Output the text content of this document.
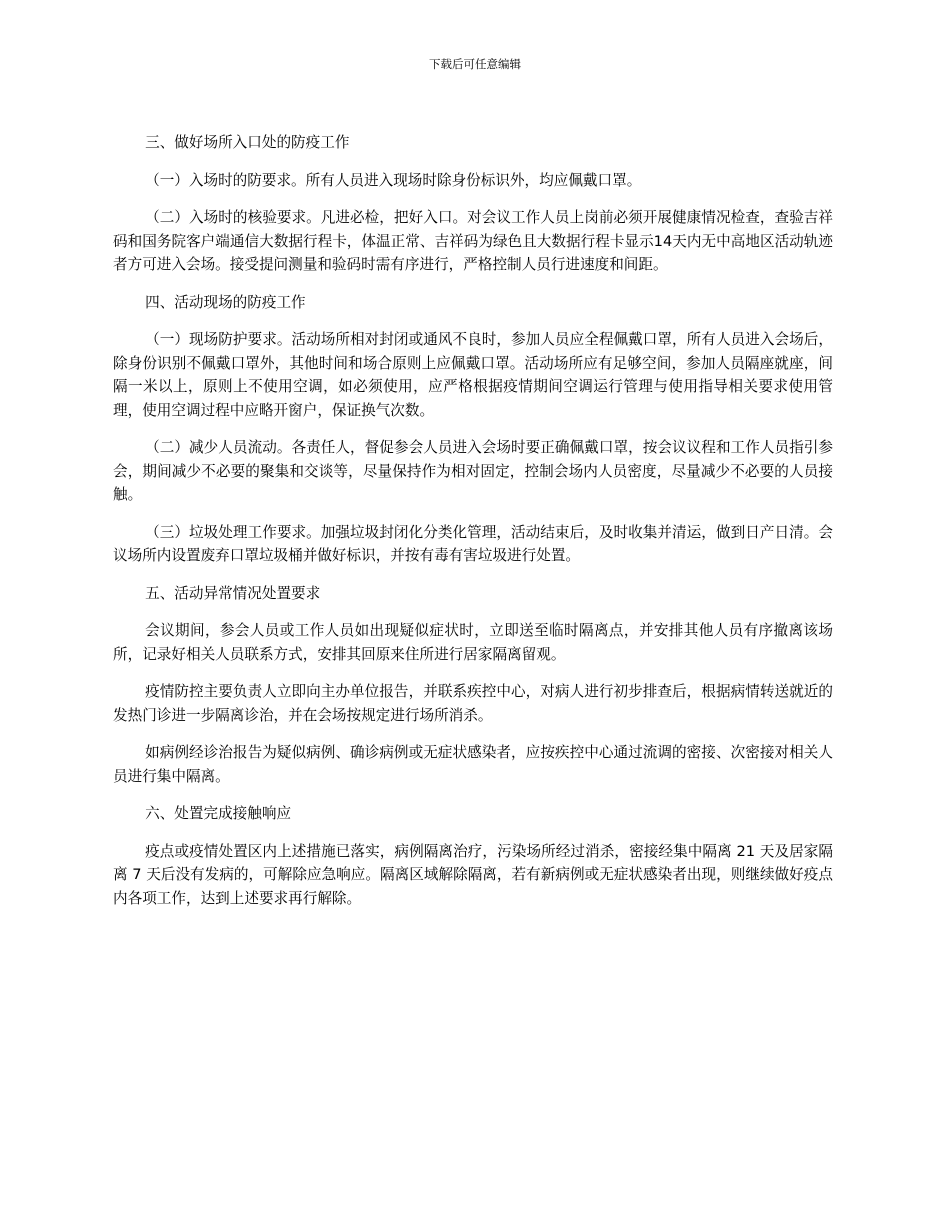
下载后可任意编辑

三、做好场所入口处的防疫工作

（一）入场时的防要求。所有人员进入现场时除身份标识外，均应佩戴口罩。

（二）入场时的核验要求。凡进必检，把好入口。对会议工作人员上岗前必须开展健康情况检查，查验吉祥码和国务院客户端通信大数据行程卡，体温正常、吉祥码为绿色且大数据行程卡显示14天内无中高地区活动轨迹者方可进入会场。接受提问测量和验码时需有序进行，严格控制人员行进速度和间距。

四、活动现场的防疫工作

（一）现场防护要求。活动场所相对封闭或通风不良时，参加人员应全程佩戴口罩，所有人员进入会场后，除身份识别不佩戴口罩外，其他时间和场合原则上应佩戴口罩。活动场所应有足够空间，参加人员隔座就座，间隔一米以上，原则上不使用空调，如必须使用，应严格根据疫情期间空调运行管理与使用指导相关要求使用管理，使用空调过程中应略开窗户，保证换气次数。

（二）减少人员流动。各责任人，督促参会人员进入会场时要正确佩戴口罩，按会议议程和工作人员指引参会，期间减少不必要的聚集和交谈等，尽量保持作为相对固定，控制会场内人员密度，尽量减少不必要的人员接触。

（三）垃圾处理工作要求。加强垃圾封闭化分类化管理，活动结束后，及时收集并清运，做到日产日清。会议场所内设置废弃口罩垃圾桶并做好标识，并按有毒有害垃圾进行处置。

五、活动异常情况处置要求

会议期间，参会人员或工作人员如出现疑似症状时，立即送至临时隔离点，并安排其他人员有序撤离该场所，记录好相关人员联系方式，安排其回原来住所进行居家隔离留观。

疫情防控主要负责人立即向主办单位报告，并联系疾控中心，对病人进行初步排查后，根据病情转送就近的发热门诊进一步隔离诊治，并在会场按规定进行场所消杀。

如病例经诊治报告为疑似病例、确诊病例或无症状感染者，应按疾控中心通过流调的密接、次密接对相关人员进行集中隔离。

六、处置完成接触响应

疫点或疫情处置区内上述措施已落实，病例隔离治疗，污染场所经过消杀，密接经集中隔离 21 天及居家隔离 7 天后没有发病的，可解除应急响应。隔离区域解除隔离，若有新病例或无症状感染者出现，则继续做好疫点内各项工作，达到上述要求再行解除。
